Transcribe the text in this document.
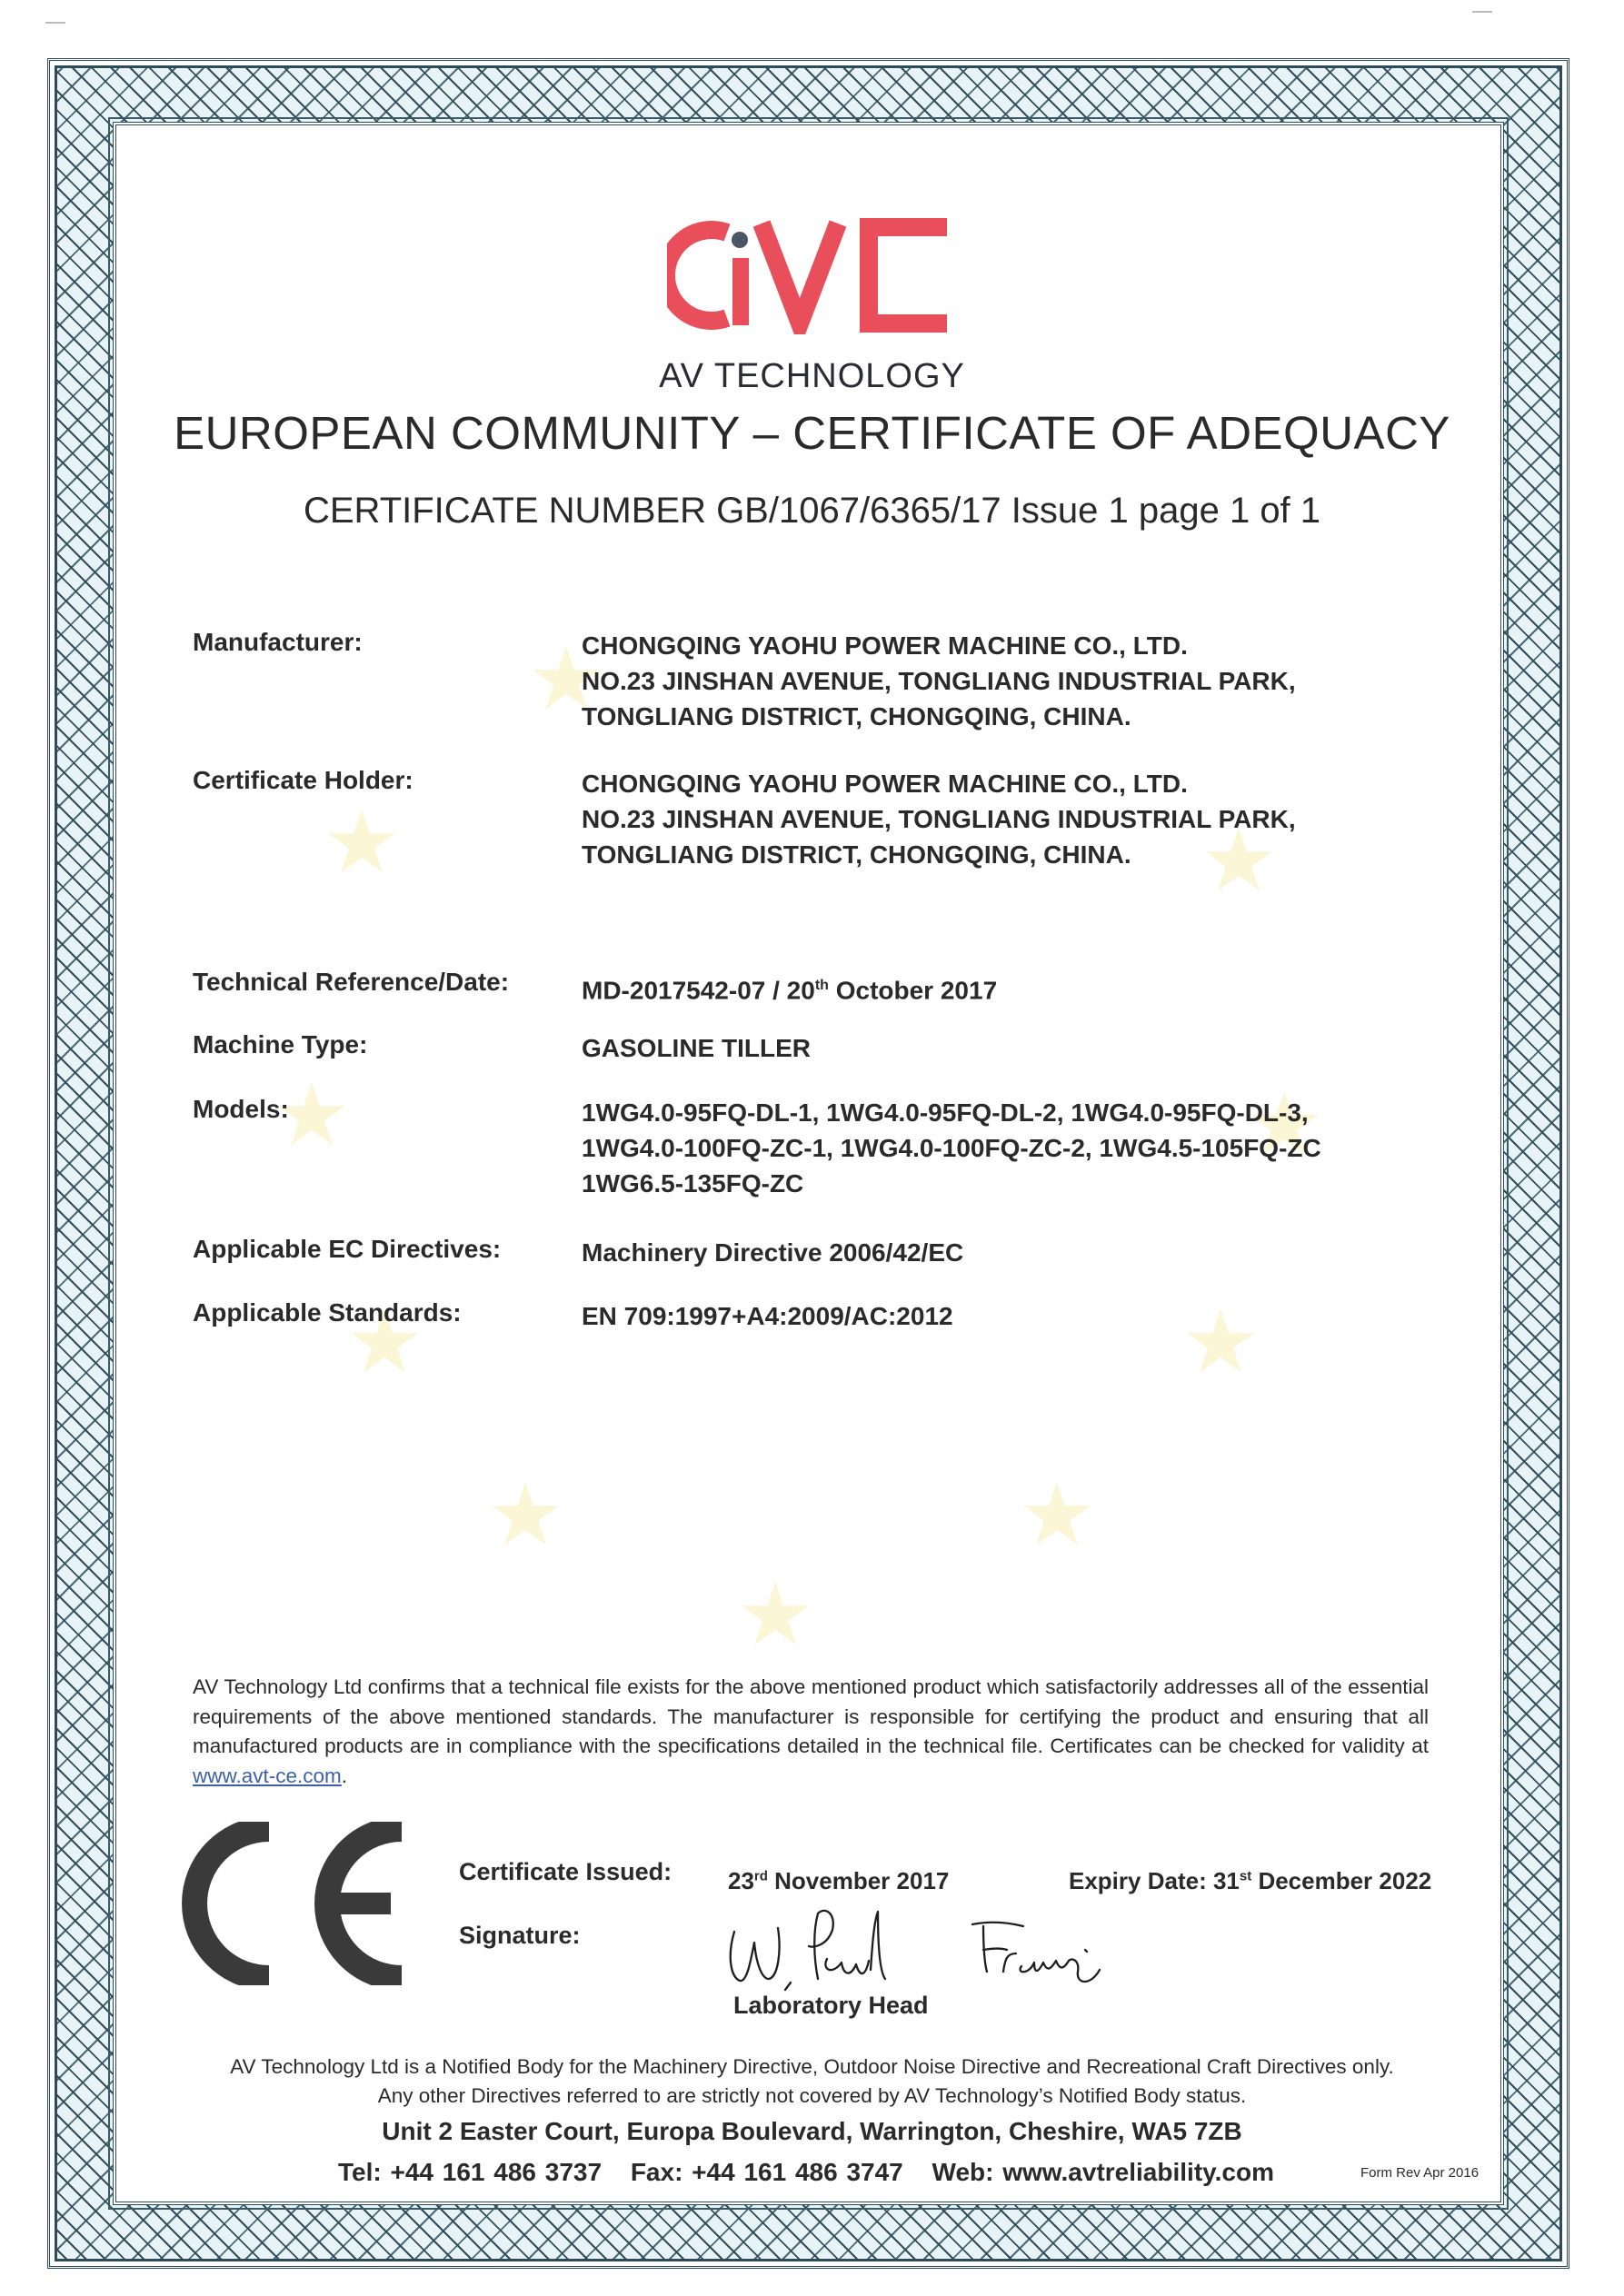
★
★	★
★	★
★	★
★	★
★
AV TECHNOLOGY
EUROPEAN COMMUNITY – CERTIFICATE OF ADEQUACY
CERTIFICATE NUMBER GB/1067/6365/17 Issue 1 page 1 of 1
Manufacturer:	CHONGQING YAOHU POWER MACHINE CO., LTD.
NO.23 JINSHAN AVENUE, TONGLIANG INDUSTRIAL PARK,
TONGLIANG DISTRICT, CHONGQING, CHINA.
Certificate Holder:	CHONGQING YAOHU POWER MACHINE CO., LTD.
NO.23 JINSHAN AVENUE, TONGLIANG INDUSTRIAL PARK,
TONGLIANG DISTRICT, CHONGQING, CHINA.
Technical Reference/Date:	MD-2017542-07 / 20th October 2017
Machine Type:	GASOLINE TILLER
Models:	1WG4.0-95FQ-DL-1, 1WG4.0-95FQ-DL-2, 1WG4.0-95FQ-DL-3,
1WG4.0-100FQ-ZC-1, 1WG4.0-100FQ-ZC-2, 1WG4.5-105FQ-ZC
1WG6.5-135FQ-ZC
Applicable EC Directives:	Machinery Directive 2006/42/EC
Applicable Standards:	EN 709:1997+A4:2009/AC:2012
AV Technology Ltd confirms that a technical file exists for the above mentioned product which satisfactorily addresses all of the essential requirements of the above mentioned standards. The manufacturer is responsible for certifying the product and ensuring that all manufactured products are in compliance with the specifications detailed in the technical file. Certificates can be checked for validity at www.avt-ce.com.
Certificate Issued: 23rd November 2017	Expiry Date: 31st December 2022
Signature:
Laboratory Head
AV Technology Ltd is a Notified Body for the Machinery Directive, Outdoor Noise Directive and Recreational Craft Directives only.
Any other Directives referred to are strictly not covered by AV Technology’s Notified Body status.
Unit 2 Easter Court, Europa Boulevard, Warrington, Cheshire, WA5 7ZB
Tel: +44 161 486 3737 Fax: +44 161 486 3747 Web: www.avtreliability.com	Form Rev Apr 2016
